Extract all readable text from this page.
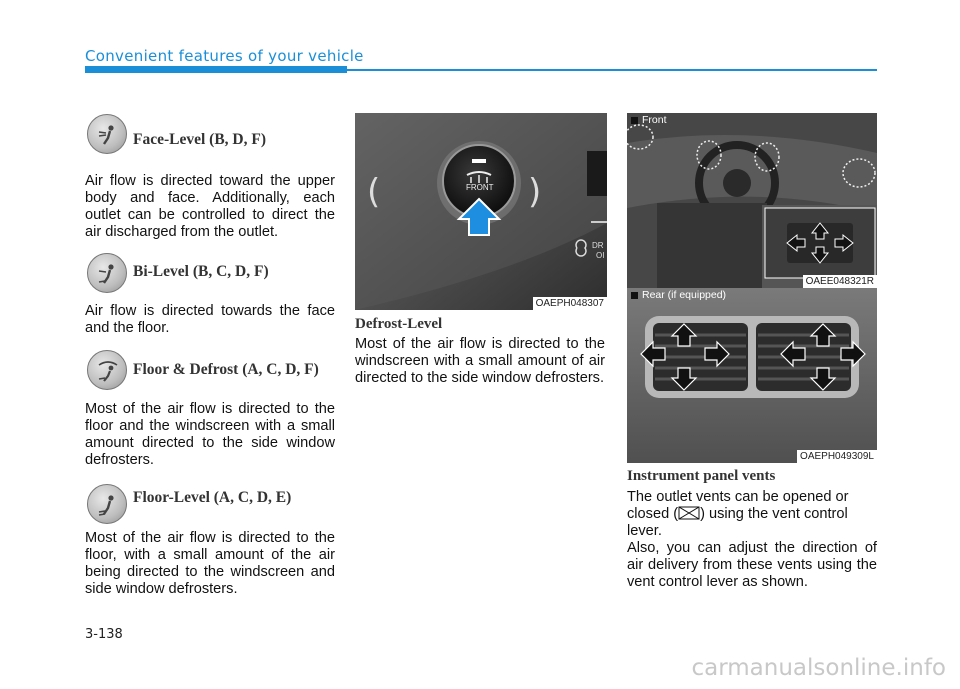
Convenient features of your vehicle
Face-Level (B, D, F)
Air flow is directed toward the upper body and face. Additionally, each outlet can be controlled to direct the air discharged from the outlet.
Bi-Level (B, C, D, F)
Air flow is directed towards the face and the floor.
Floor & Defrost (A, C, D, F)
Most of the air flow is directed to the floor and the windscreen with a small amount directed to the side window defrosters.
Floor-Level (A, C, D, E)
Most of the air flow is directed to the floor, with a small amount of the air being directed to the windscreen and side window defrosters.
(	)
FRONT
DR
OI
OAEPH048307
Defrost-Level
Most of the air flow is directed to the windscreen with a small amount of air directed to the side window defrosters.
Front
OAEE048321R
Rear (if equipped)
OAEPH049309L
Instrument panel vents
The outlet vents can be opened or closed ( ) using the vent control lever.
Also, you can adjust the direction of air delivery from these vents using the vent control lever as shown.
3-138
carmanualsonline.info
